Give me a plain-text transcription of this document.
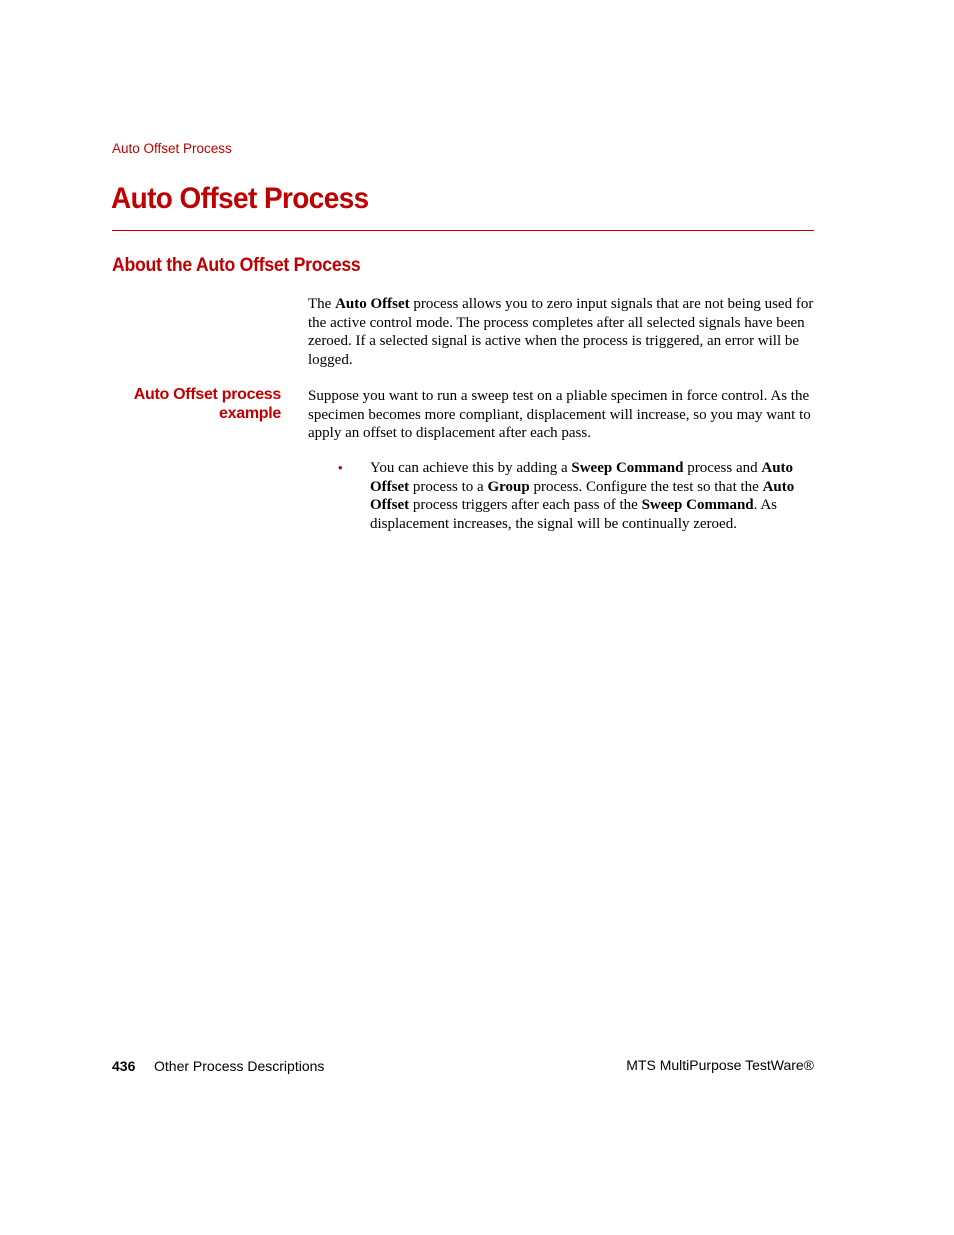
Auto Offset Process
Auto Offset Process
About the Auto Offset Process

The Auto Offset process allows you to zero input signals that are not being used for the active control mode. The process completes after all selected signals have been zeroed. If a selected signal is active when the process is triggered, an error will be logged.

Auto Offset process
example

Suppose you want to run a sweep test on a pliable specimen in force control. As the specimen becomes more compliant, displacement will increase, so you may want to apply an offset to displacement after each pass.

• You can achieve this by adding a Sweep Command process and Auto Offset process to a Group process. Configure the test so that the Auto Offset process triggers after each pass of the Sweep Command. As displacement increases, the signal will be continually zeroed.

436 Other Process Descriptions	MTS MultiPurpose TestWare®
